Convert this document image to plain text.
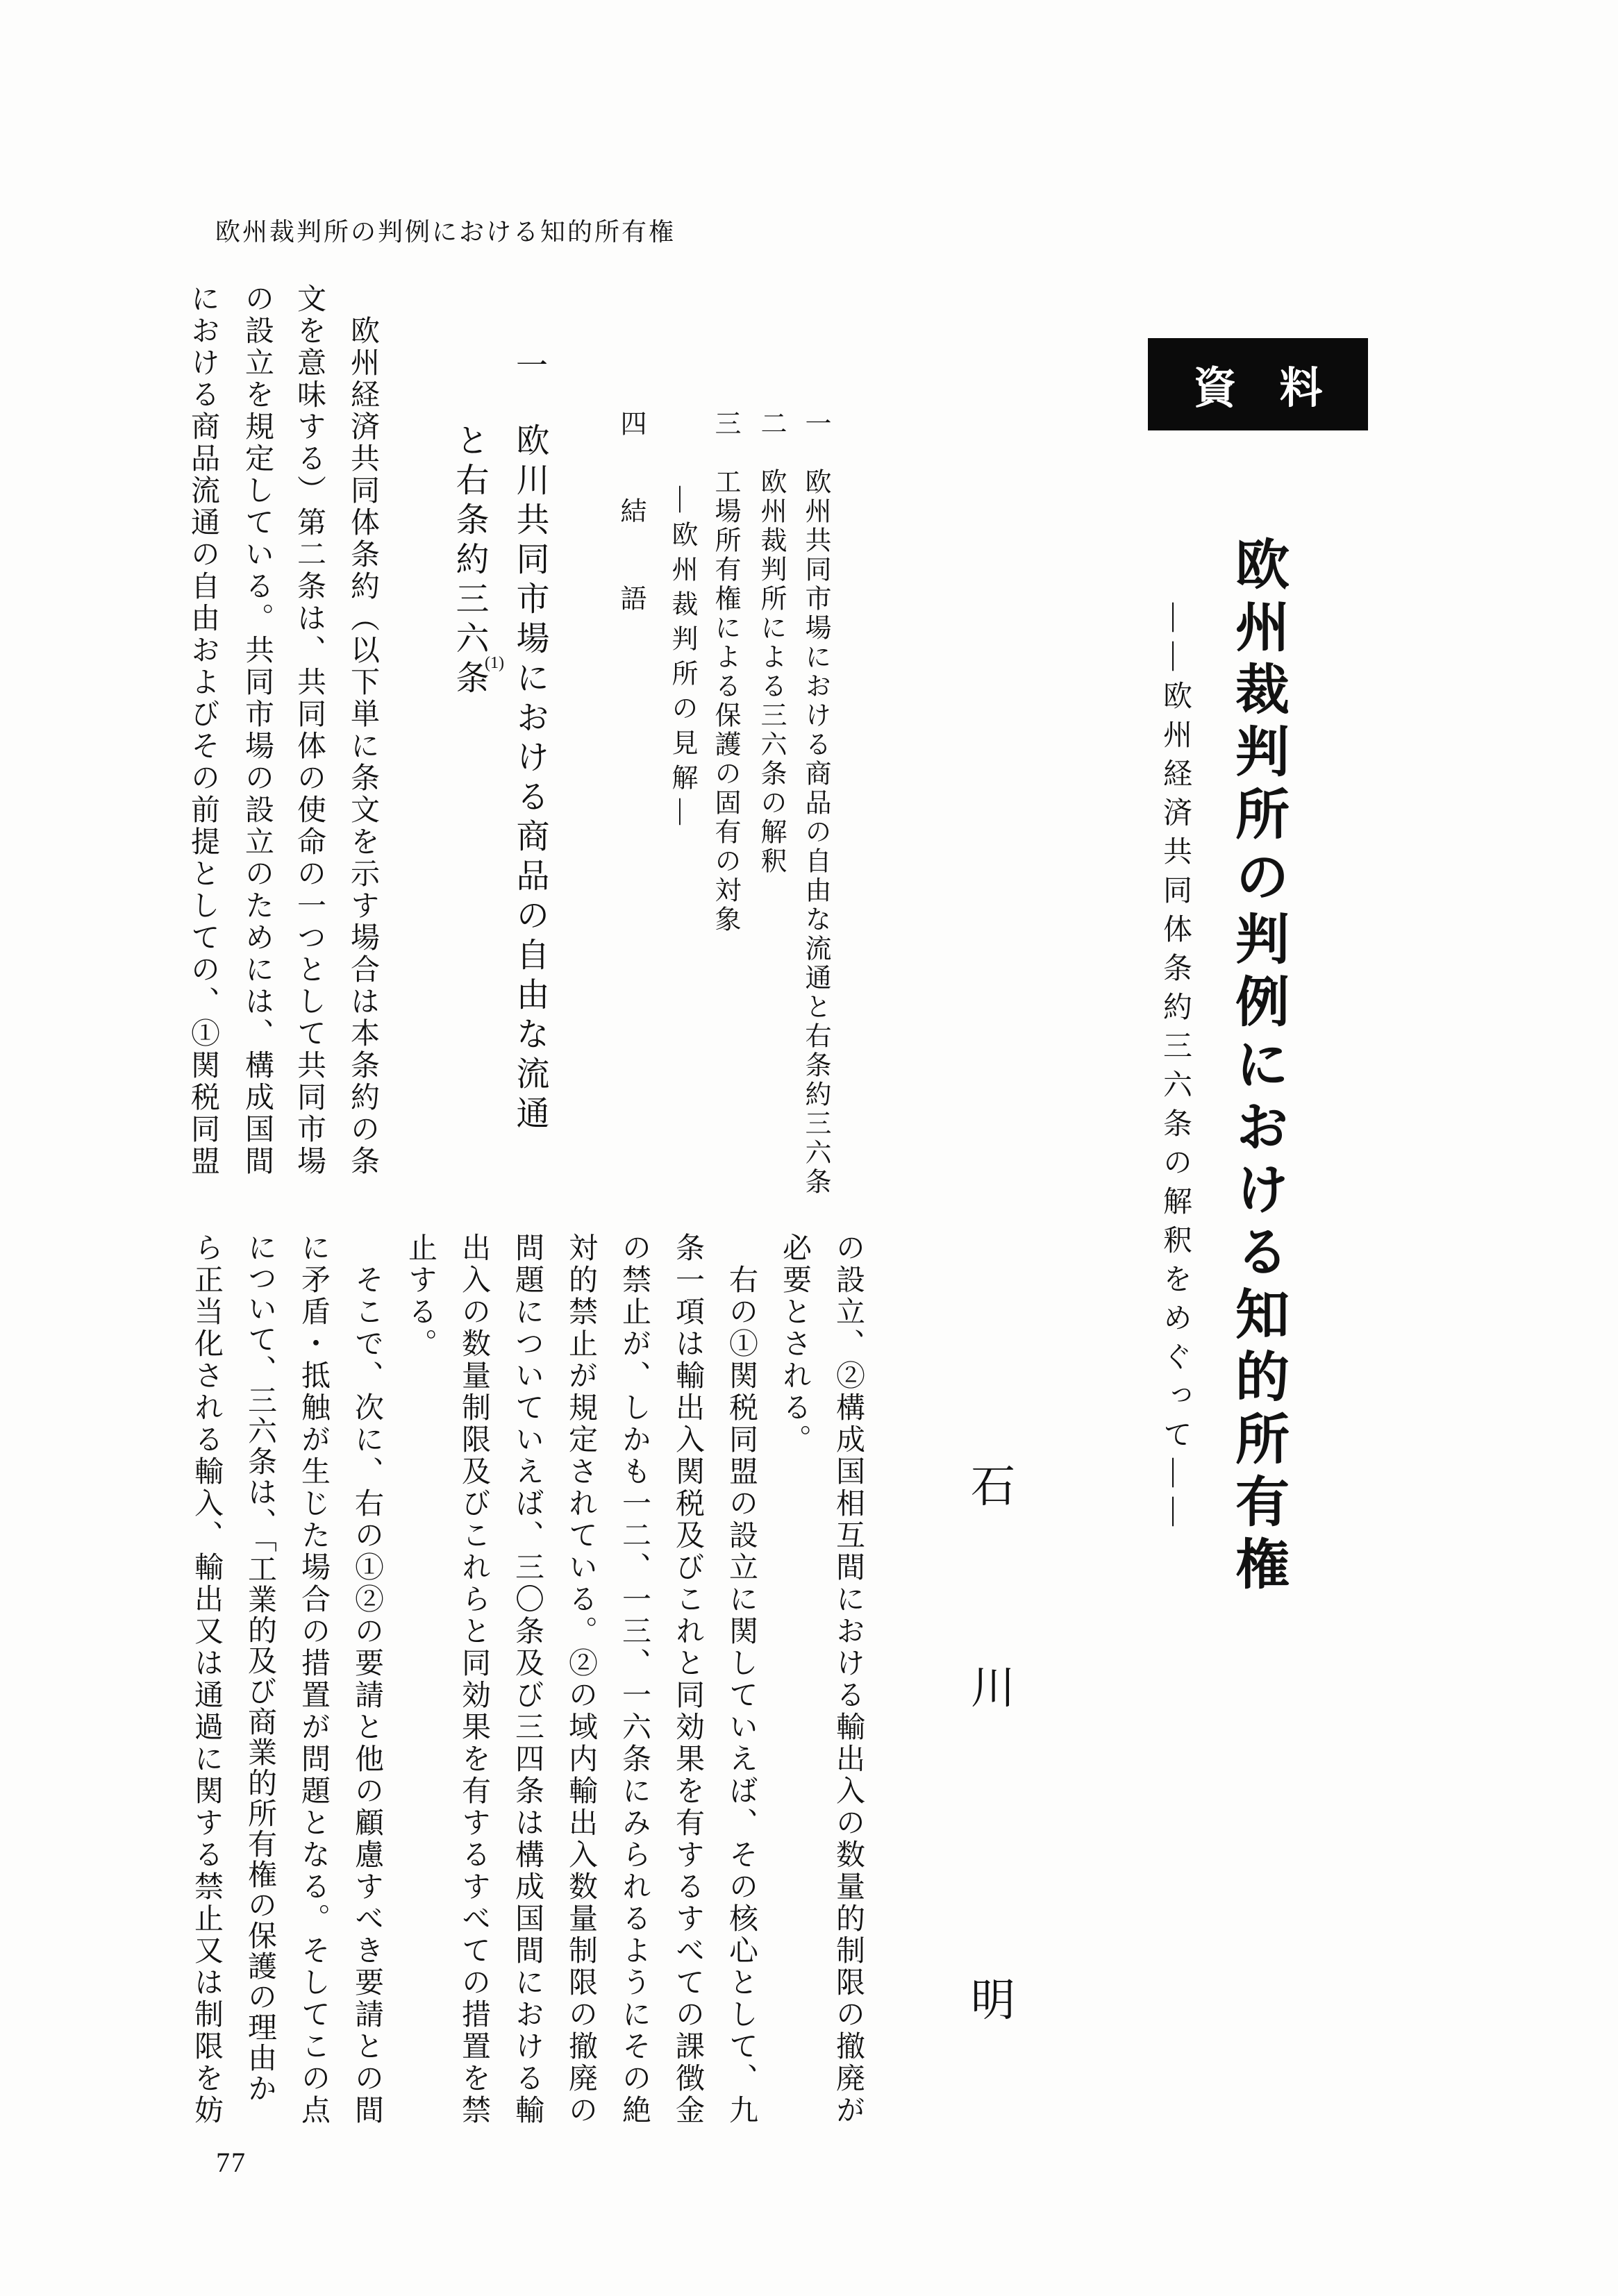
欧州裁判所の判例における知的所有権
資　料
欧州裁判所の判例における知的所有権
――欧州経済共同体条約三六条の解釈をめぐって――
石
川
明
一　欧州共同市場における商品の自由な流通と右条約三六条
二　欧州裁判所による三六条の解釈
三　工場所有権による保護の固有の対象
―欧州裁判所の見解―
四　結　語
一
欧川共同市場における商品の自由な流通
と右条約三六条
(1)
欧州経済共同体条約（以下単に条文を示す場合は本条約の条
文を意味する）第二条は、共同体の使命の一つとして共同市場
の設立を規定している。共同市場の設立のためには、構成国間
における商品流通の自由およびその前提としての、①関税同盟
の設立、②構成国相互間における輸出入の数量的制限の撤廃が
必要とされる。
右の①関税同盟の設立に関していえば、その核心として、九
条一項は輸出入関税及びこれと同効果を有するすべての課徴金
の禁止が、しかも一二、一三、一六条にみられるようにその絶
対的禁止が規定されている。②の域内輸出入数量制限の撤廃の
問題についていえば、三〇条及び三四条は構成国間における輸
出入の数量制限及びこれらと同効果を有するすべての措置を禁
止する。
そこで、次に、右の①②の要請と他の顧慮すべき要請との間
に矛盾・抵触が生じた場合の措置が問題となる。そしてこの点
について、三六条は、「工業的及び商業的所有権の保護の理由か
ら正当化される輸入、輸出又は通過に関する禁止又は制限を妨
77
